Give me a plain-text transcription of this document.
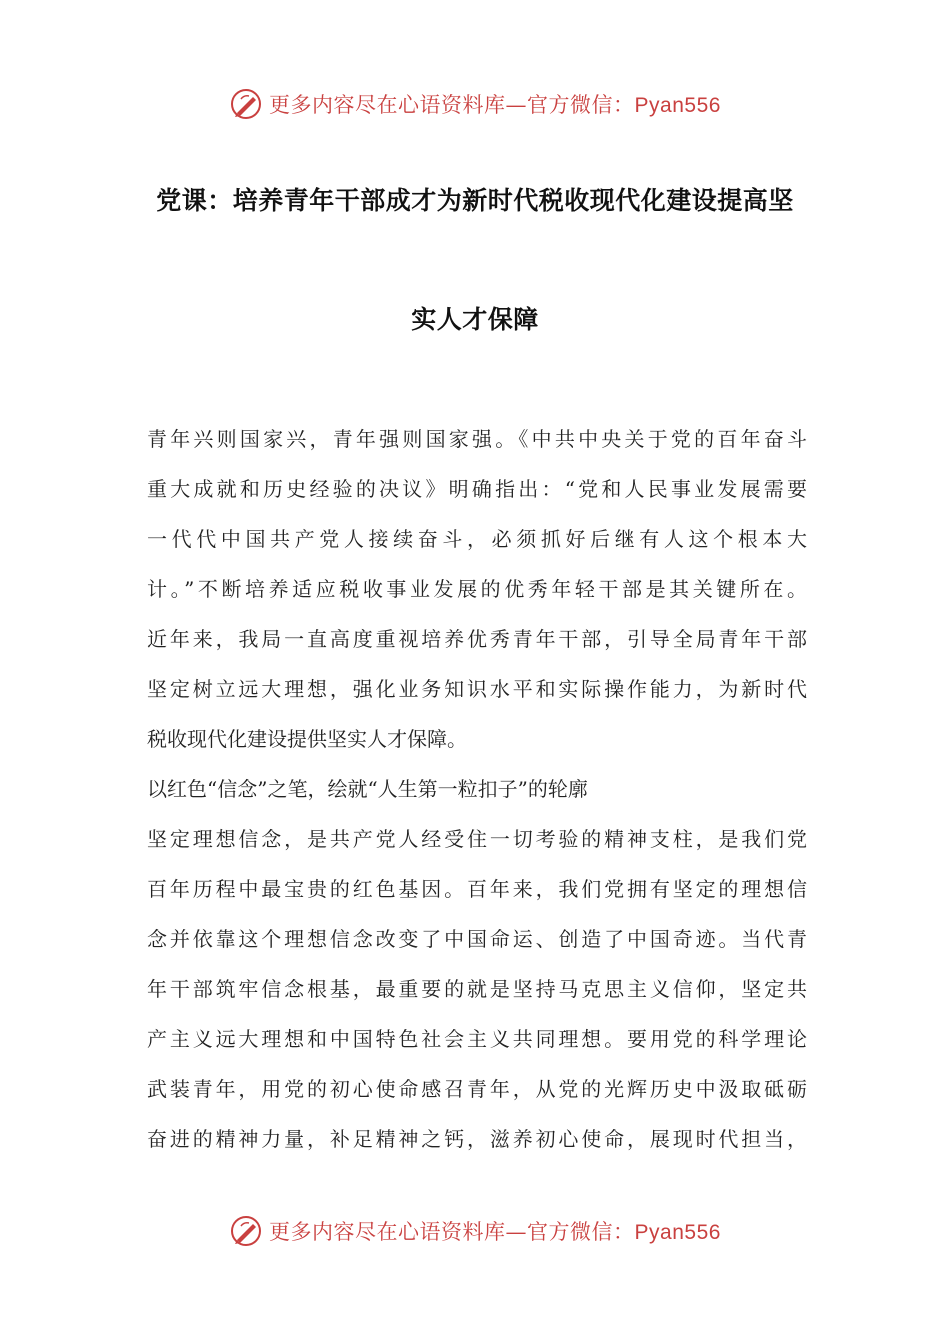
更多内容尽在心语资料库—官方微信：Pyan556
党课：培养青年干部成才为新时代税收现代化建设提高坚
实人才保障
青年兴则国家兴，青年强则国家强。《中共中央关于党的百年奋斗
重大成就和历史经验的决议》明确指出：“党和人民事业发展需要
一代代中国共产党人接续奋斗，必须抓好后继有人这个根本大
计。”不断培养适应税收事业发展的优秀年轻干部是其关键所在。
近年来，我局一直高度重视培养优秀青年干部，引导全局青年干部
坚定树立远大理想，强化业务知识水平和实际操作能力，为新时代
税收现代化建设提供坚实人才保障。
以红色“信念”之笔，绘就“人生第一粒扣子”的轮廓
坚定理想信念，是共产党人经受住一切考验的精神支柱，是我们党
百年历程中最宝贵的红色基因。百年来，我们党拥有坚定的理想信
念并依靠这个理想信念改变了中国命运、创造了中国奇迹。当代青
年干部筑牢信念根基，最重要的就是坚持马克思主义信仰，坚定共
产主义远大理想和中国特色社会主义共同理想。要用党的科学理论
武装青年，用党的初心使命感召青年，从党的光辉历史中汲取砥砺
奋进的精神力量，补足精神之钙，滋养初心使命，展现时代担当，
更多内容尽在心语资料库—官方微信：Pyan556
